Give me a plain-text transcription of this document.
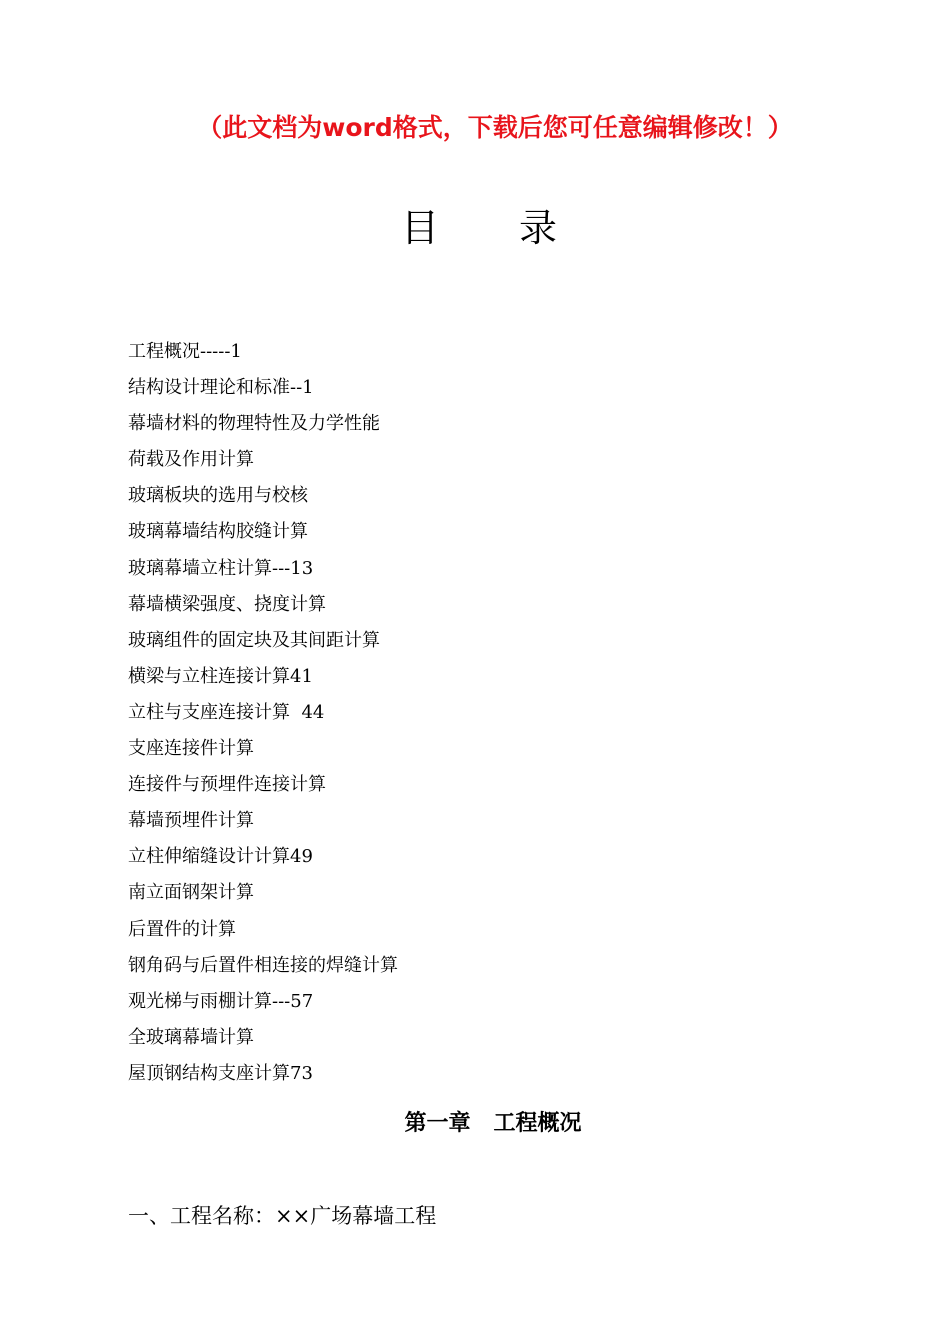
（此文档为word格式，下载后您可任意编辑修改！）
目 录
工程概况-----1
结构设计理论和标准--1
幕墙材料的物理特性及力学性能
荷载及作用计算
玻璃板块的选用与校核
玻璃幕墙结构胶缝计算
玻璃幕墙立柱计算---13
幕墙横梁强度、挠度计算
玻璃组件的固定块及其间距计算
横梁与立柱连接计算41
立柱与支座连接计算  44
支座连接件计算
连接件与预埋件连接计算
幕墙预埋件计算
立柱伸缩缝设计计算49
南立面钢架计算
后置件的计算
钢角码与后置件相连接的焊缝计算
观光梯与雨棚计算---57
全玻璃幕墙计算
屋顶钢结构支座计算73
第一章   工程概况
一、工程名称：××广场幕墙工程
